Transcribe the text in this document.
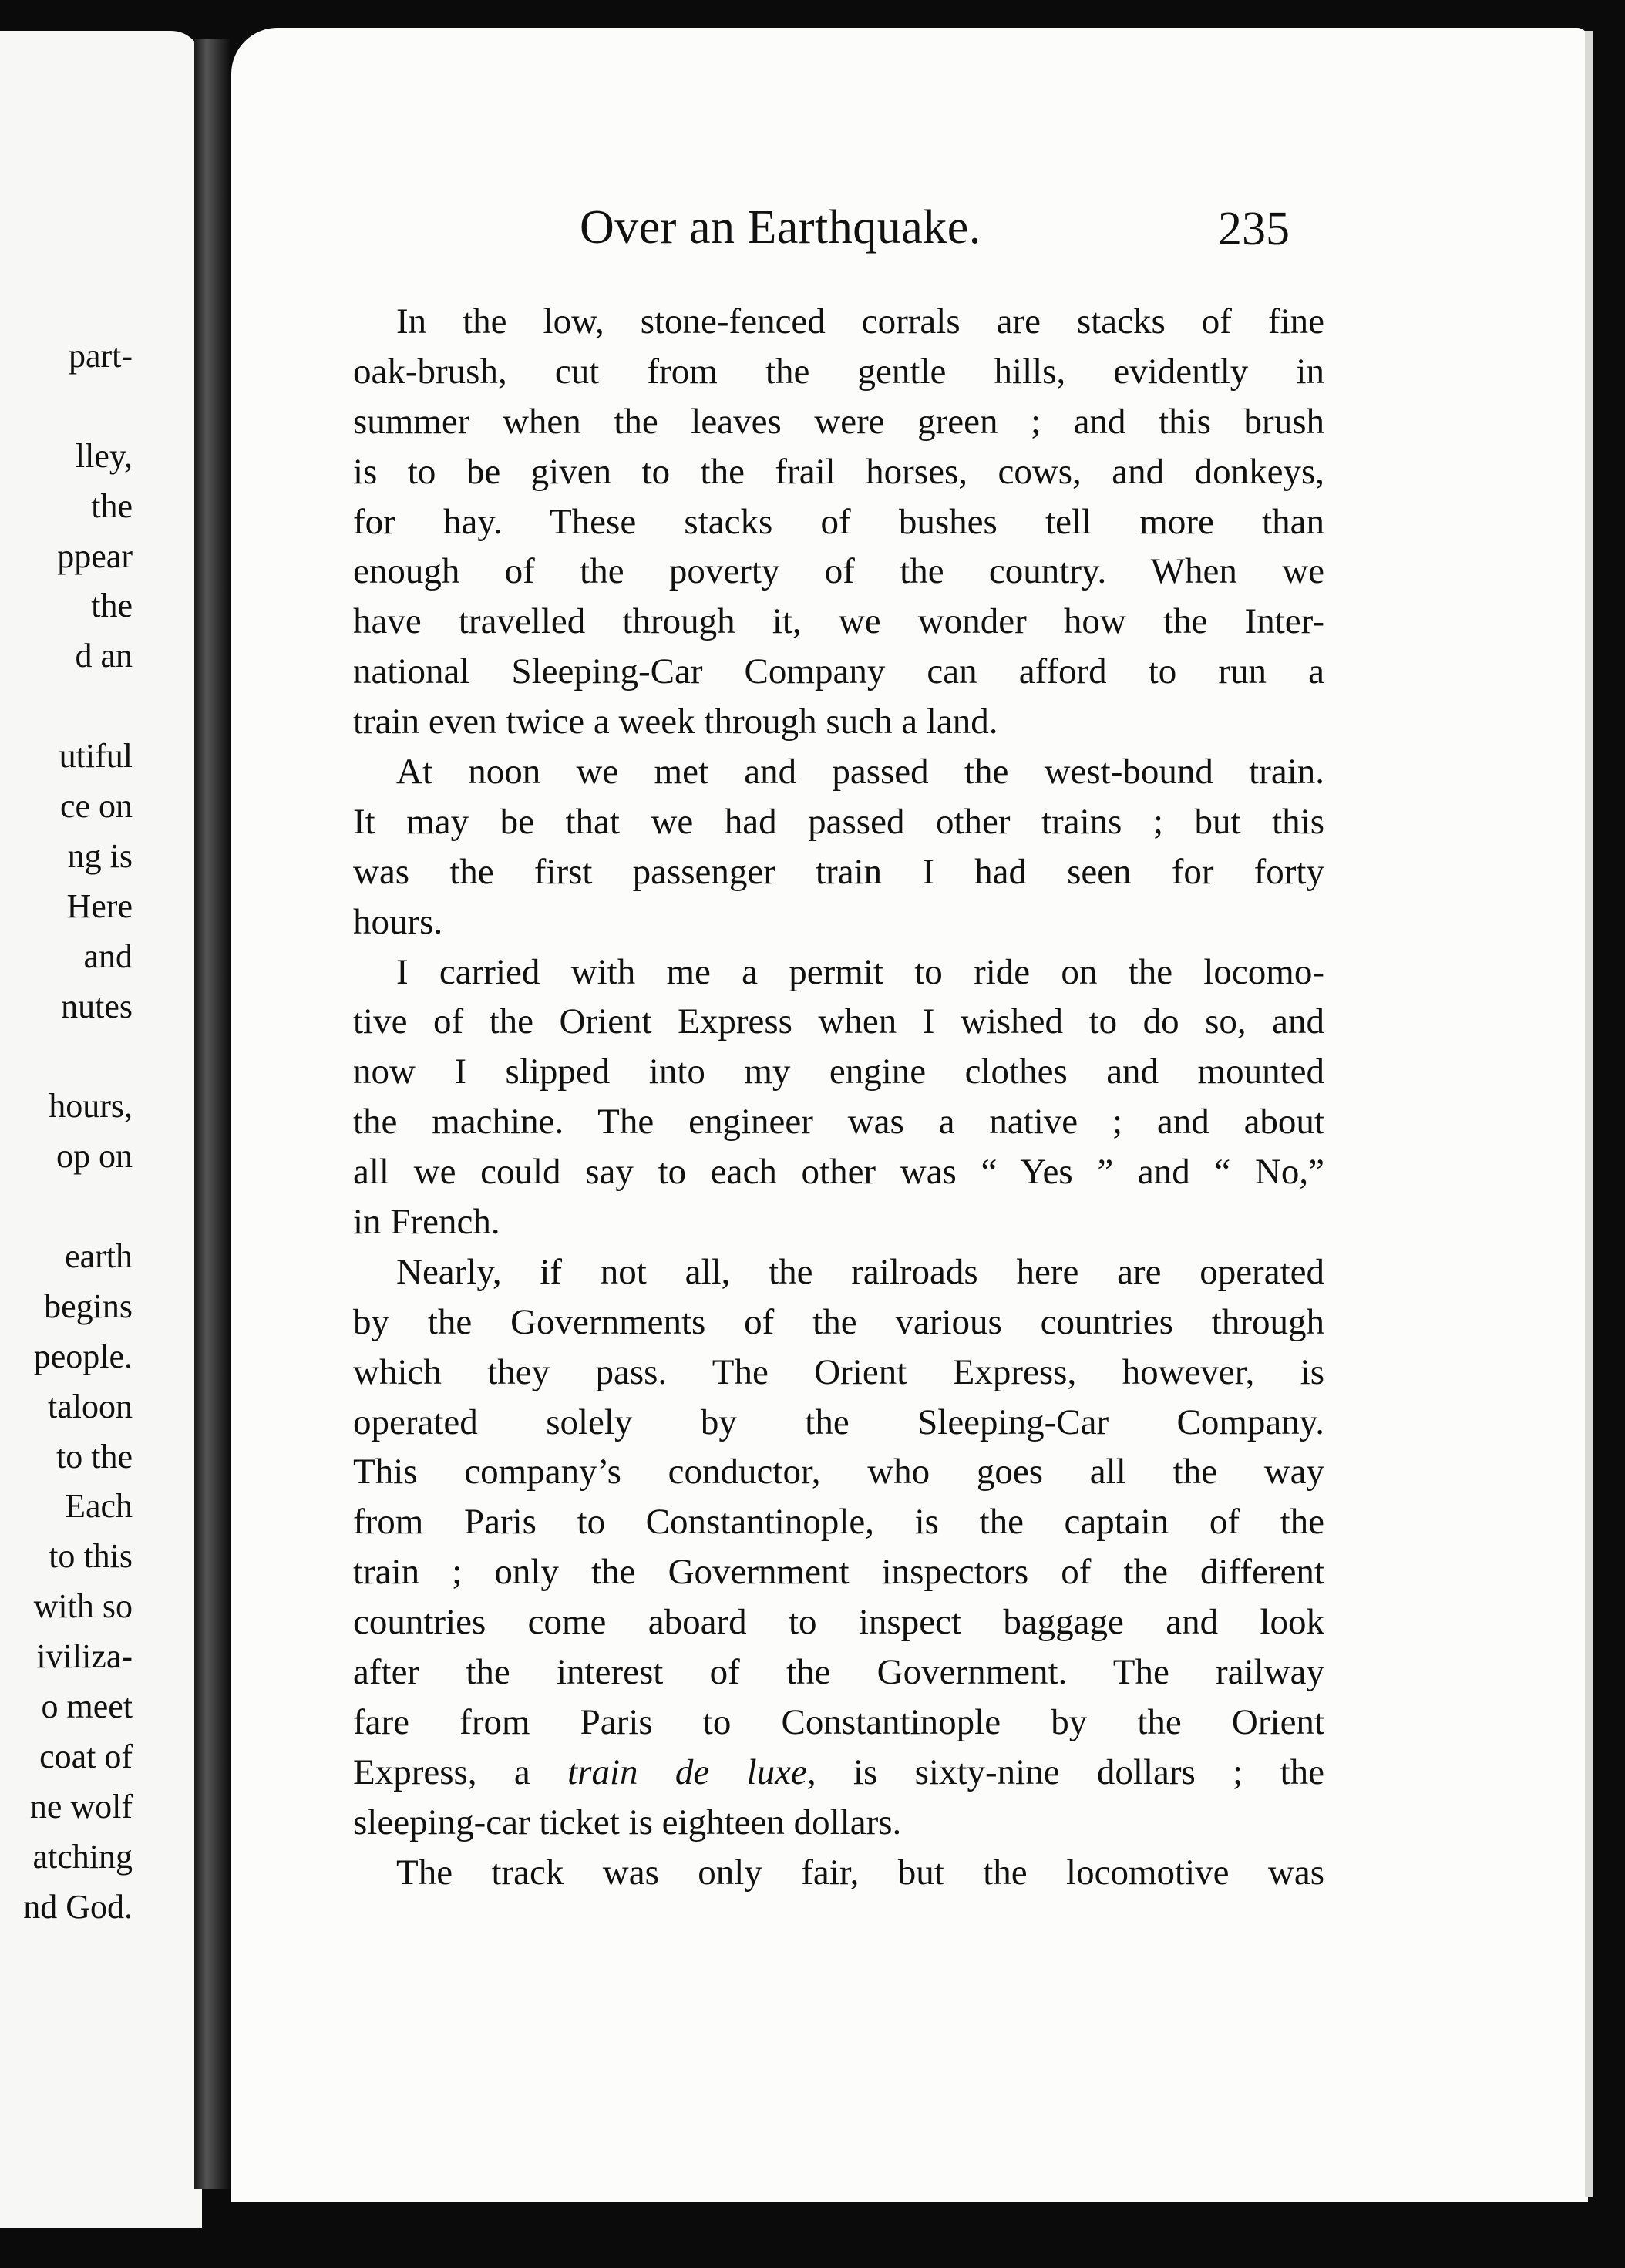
part-
lley,
the
ppear
the
d an
utiful
ce on
ng is
Here
and
nutes
hours,
op on
earth
begins
people.
taloon
to the
Each
to this
with so
iviliza-
o meet
coat of
ne wolf
atching
nd God.
Over an Earthquake.	235

In the low, stone-fenced corrals are stacks of fine
oak-brush, cut from the gentle hills, evidently in
summer when the leaves were green ; and this brush
is to be given to the frail horses, cows, and donkeys,
for hay. These stacks of bushes tell more than
enough of the poverty of the country. When we
have travelled through it, we wonder how the Inter-
national Sleeping-Car Company can afford to run a
train even twice a week through such a land.

At noon we met and passed the west-bound train.
It may be that we had passed other trains ; but this
was the first passenger train I had seen for forty
hours.

I carried with me a permit to ride on the locomo-
tive of the Orient Express when I wished to do so, and
now I slipped into my engine clothes and mounted
the machine. The engineer was a native ; and about
all we could say to each other was “ Yes ” and “ No,”
in French.

Nearly, if not all, the railroads here are operated
by the Governments of the various countries through
which they pass. The Orient Express, however, is
operated solely by the Sleeping-Car Company.
This company’s conductor, who goes all the way
from Paris to Constantinople, is the captain of the
train ; only the Government inspectors of the different
countries come aboard to inspect baggage and look
after the interest of the Government. The railway
fare from Paris to Constantinople by the Orient
Express, a train de luxe, is sixty-nine dollars ; the
sleeping-car ticket is eighteen dollars.

The track was only fair, but the locomotive was
